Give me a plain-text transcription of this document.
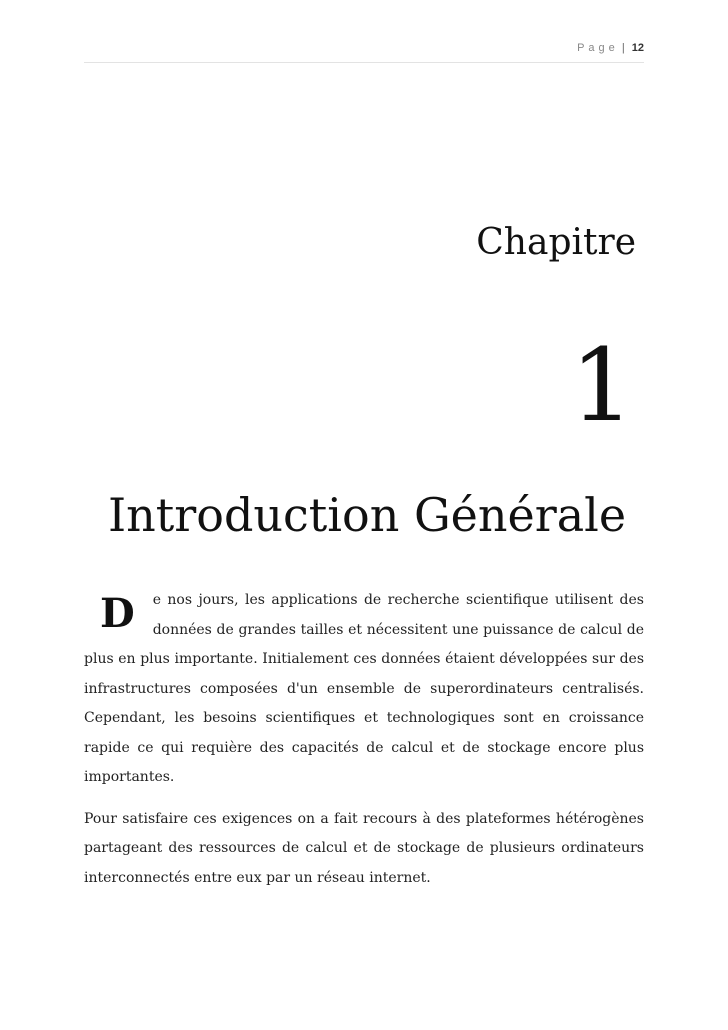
Page | 12
Chapitre
1
Introduction Générale

D e nos jours, les applications de recherche scientifique utilisent des données de grandes tailles et nécessitent une puissance de calcul de plus en plus importante. Initialement ces données étaient développées sur des infrastructures composées d'un ensemble de superordinateurs centralisés. Cependant, les besoins scientifiques et technologiques sont en croissance rapide ce qui requière des capacités de calcul et de stockage encore plus importantes.

Pour satisfaire ces exigences on a fait recours à des plateformes hétérogènes partageant des ressources de calcul et de stockage de plusieurs ordinateurs interconnectés entre eux par un réseau internet.
